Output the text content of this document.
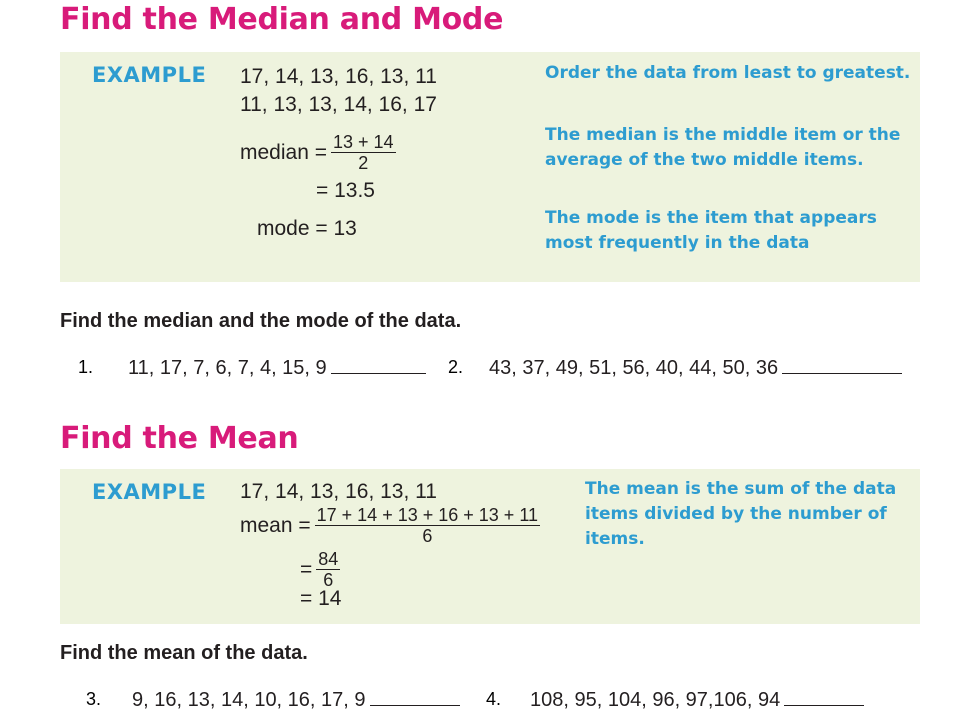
Find the Median and Mode
EXAMPLE 17, 14, 13, 16, 13, 11
11, 13, 13, 14, 16, 17
median = $\frac{13 + 14}{2}$
= 13.5
mode = 13
Order the data from least to greatest.
The median is the middle item or the average of the two middle items.
The mode is the item that appears most frequently in the data
Find the median and the mode of the data.
1. 11, 17, 7, 6, 7, 4, 15, 9	2. 43, 37, 49, 51, 56, 40, 44, 50, 36
Find the Mean
EXAMPLE 17, 14, 13, 16, 13, 11
mean = $\frac{17 + 14 + 13 + 16 + 13 + 11}{6}$
= $\frac{84}{6}$
= 14
The mean is the sum of the data items divided by the number of items.
Find the mean of the data.
3. 9, 16, 13, 14, 10, 16, 17, 9	4. 108, 95, 104, 96, 97,106, 94
